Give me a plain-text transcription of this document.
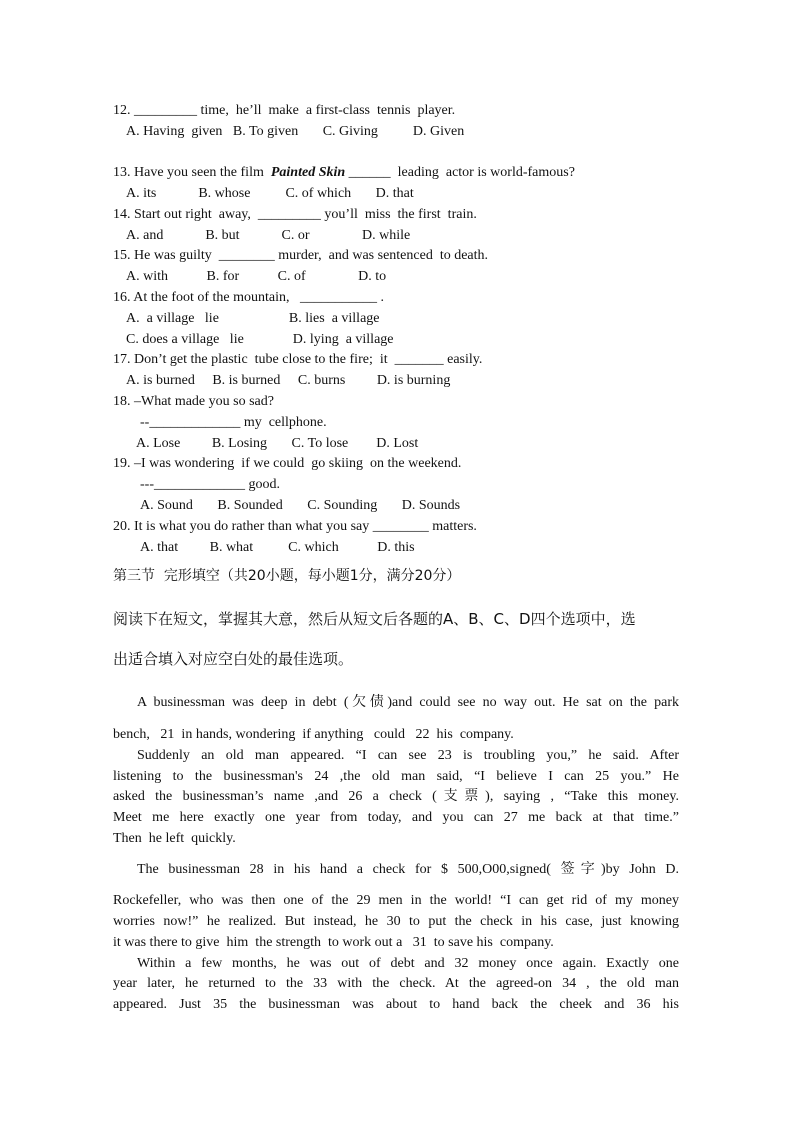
12. _________ time,  he’ll  make  a first-class  tennis  player.
A. Having  given   B. To given       C. Giving          D. Given
13. Have you seen the film  Painted Skin ______  leading  actor is world-famous?
A. its            B. whose          C. of which       D. that
14. Start out right  away,  _________ you’ll  miss  the first  train.
A. and            B. but            C. or               D. while
15. He was guilty  ________ murder,  and was sentenced  to death.
A. with           B. for           C. of               D. to
16. At the foot of the mountain,   ___________ .
A.  a village   lie                    B. lies  a village
C. does a village   lie              D. lying  a village
17. Don’t get the plastic  tube close to the fire;  it  _______ easily.
A. is burned     B. is burned     C. burns         D. is burning
18. –What made you so sad?
--_____________ my  cellphone.
A. Lose         B. Losing       C. To lose        D. Lost
19. –I was wondering  if we could  go skiing  on the weekend.
---_____________ good.
A. Sound       B. Sounded       C. Sounding       D. Sounds
20. It is what you do rather than what you say ________ matters.
A. that         B. what          C. which           D. this
第三节  完形填空（共20小题，每小题1分，满分20分）
阅读下在短文，掌握其大意，然后从短文后各题的A、B、C、D四个选项中，选
出适合填入对应空白处的最佳选项。
A businessman was deep in debt (欠债)and could see no way out. He sat on the park
bench,   21  in hands, wondering  if anything   could   22  his  company.
Suddenly an old man appeared. “I can see 23 is troubling you,” he said. After
listening to the businessman's 24 ,the old man said, “I believe I can 25 you.” He
asked the businessman’s name ,and 26 a check (支票), saying , “Take this money.
Meet me here exactly one year from today, and you can 27 me back at that time.”
Then  he left  quickly.
The businessman 28 in his hand a check for $ 500,O00,signed( 签字)by John D.
Rockefeller, who was then one of the 29 men in the world! “I can get rid of my money
worries now!” he realized. But instead, he 30 to put the check in his case, just knowing
it was there to give  him  the strength  to work out a   31  to save his  company.
Within a few months, he was out of debt and 32 money once again. Exactly one
year later, he returned to the 33 with the check. At the agreed-on 34 , the old man
appeared. Just 35 the businessman was about to hand back the cheek and 36 his
